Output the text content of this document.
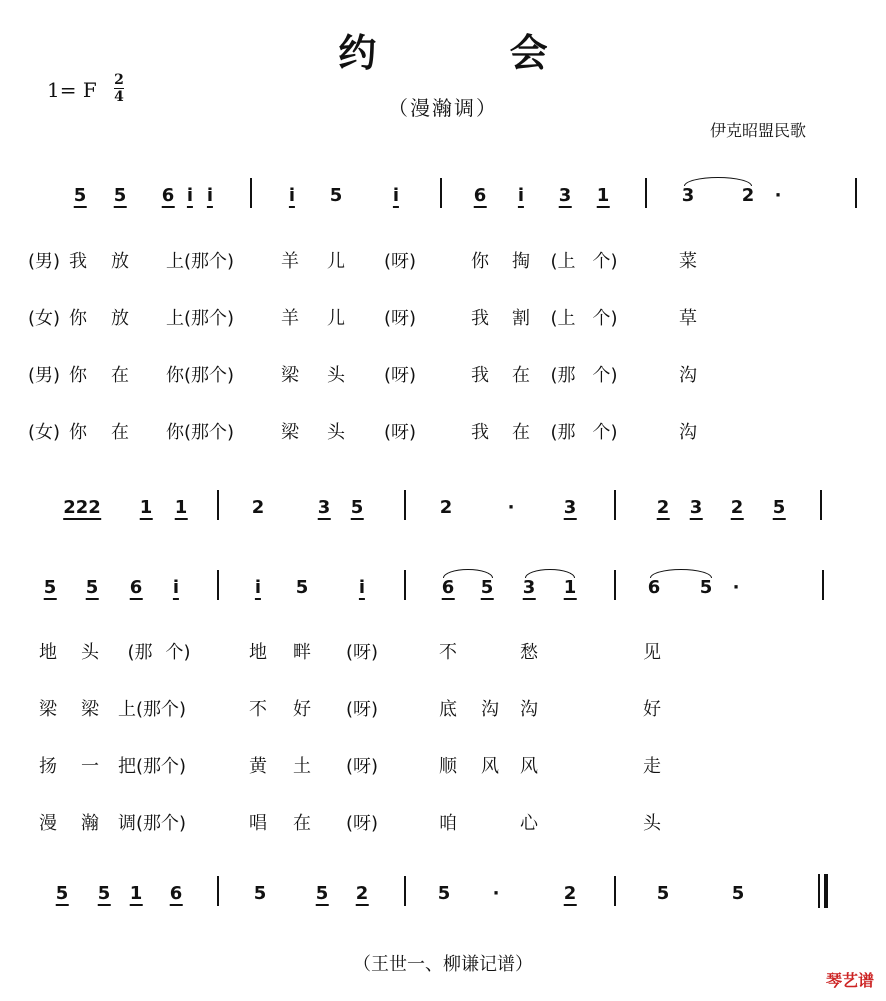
约 会
（漫瀚调）
1= F 2
4
伊克昭盟民歌
5 5 6 i i	i 5	i	6 i 3 1	3	2 ·
(男) 我 放 上(那个)	羊 儿 (呀)	你 掏 (上 个)	菜
(女) 你 放 上(那个)	羊 儿 (呀)	我 割 (上 个)	草
(男) 你 在 你(那个)	梁 头 (呀)	我 在 (那 个)	沟
(女) 你 在 你(那个)	梁 头 (呀)	我 在 (那 个)	沟
222 1 1	2	3 5	2	·	3	2 3 2 5
5 5 6 i	i 5	i	6 5 3 1	6 5 ·
地 头 (那 个)	地 畔 (呀)	不	愁	见
梁 梁 上(那个)	不 好 (呀)	底 沟 沟	好
扬 一 把(那个)	黄 土 (呀)	顺 风 风	走
漫 瀚 调(那个)	唱 在 (呀)	咱	心	头
5 5 1 6	5	5 2	5 ·	2	5	5
（王世一、柳谦记谱）
琴艺谱
